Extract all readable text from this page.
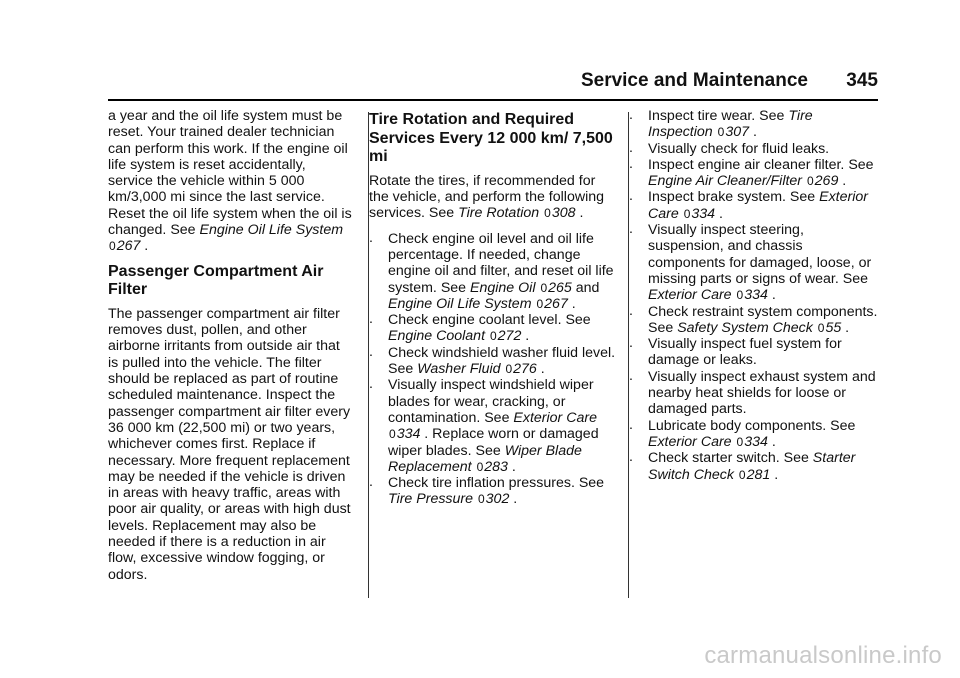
Service and Maintenance 345

a year and the oil life system must be reset. Your trained dealer technician can perform this work. If the engine oil life system is reset accidentally, service the vehicle within 5 000 km/3,000 mi since the last service. Reset the oil life system when the oil is changed. See Engine Oil Life System 0267 .

Passenger Compartment Air Filter

The passenger compartment air filter removes dust, pollen, and other airborne irritants from outside air that is pulled into the vehicle. The filter should be replaced as part of routine scheduled maintenance. Inspect the passenger compartment air filter every 36 000 km (22,500 mi) or two years, whichever comes first. Replace if necessary. More frequent replacement may be needed if the vehicle is driven in areas with heavy traffic, areas with poor air quality, or areas with high dust levels. Replacement may also be needed if there is a reduction in air flow, excessive window fogging, or odors.

Tire Rotation and Required Services Every 12 000 km/ 7,500 mi

Rotate the tires, if recommended for the vehicle, and perform the following services. See Tire Rotation 0308 .

. Check engine oil level and oil life percentage. If needed, change engine oil and filter, and reset oil life system. See Engine Oil 0265 and Engine Oil Life System 0267 .

. Check engine coolant level. See Engine Coolant 0272 .

. Check windshield washer fluid level. See Washer Fluid 0276 .

. Visually inspect windshield wiper blades for wear, cracking, or contamination. See Exterior Care 0334 . Replace worn or damaged wiper blades. See Wiper Blade Replacement 0283 .

. Check tire inflation pressures. See Tire Pressure 0302 .

. Inspect tire wear. See Tire Inspection 0307 .

. Visually check for fluid leaks.

. Inspect engine air cleaner filter. See Engine Air Cleaner/Filter 0269 .

. Inspect brake system. See Exterior Care 0334 .

. Visually inspect steering, suspension, and chassis components for damaged, loose, or missing parts or signs of wear. See Exterior Care 0334 .

. Check restraint system components. See Safety System Check 055 .

. Visually inspect fuel system for damage or leaks.

. Visually inspect exhaust system and nearby heat shields for loose or damaged parts.

. Lubricate body components. See Exterior Care 0334 .

. Check starter switch. See Starter Switch Check 0281 .

carmanualsonline.info
